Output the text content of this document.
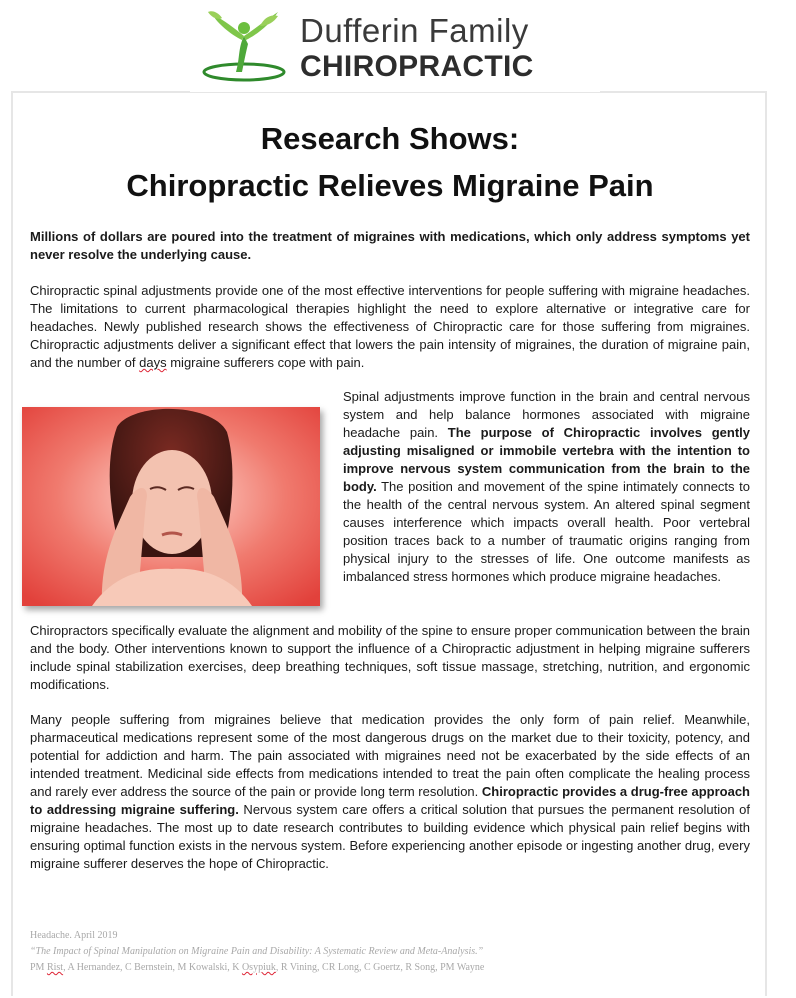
Dufferin Family
CHIROPRACTIC
Research Shows:
Chiropractic Relieves Migraine Pain

Millions of dollars are poured into the treatment of migraines with medications, which only address symptoms yet never resolve the underlying cause.

Chiropractic spinal adjustments provide one of the most effective interventions for people suffering with migraine headaches. The limitations to current pharmacological therapies highlight the need to explore alternative or integrative care for headaches. Newly published research shows the effectiveness of Chiropractic care for those suffering from migraines. Chiropractic adjustments deliver a significant effect that lowers the pain intensity of migraines, the duration of migraine pain, and the number of days migraine sufferers cope with pain.

Spinal adjustments improve function in the brain and central nervous system and help balance hormones associated with migraine headache pain. The purpose of Chiropractic involves gently adjusting misaligned or immobile vertebra with the intention to improve nervous system communication from the brain to the body. The position and movement of the spine intimately connects to the health of the central nervous system. An altered spinal segment causes interference which impacts overall health. Poor vertebral position traces back to a number of traumatic origins ranging from physical injury to the stresses of life. One outcome manifests as imbalanced stress hormones which produce migraine headaches.

Chiropractors specifically evaluate the alignment and mobility of the spine to ensure proper communication between the brain and the body. Other interventions known to support the influence of a Chiropractic adjustment in helping migraine sufferers include spinal stabilization exercises, deep breathing techniques, soft tissue massage, stretching, nutrition, and ergonomic modifications.

Many people suffering from migraines believe that medication provides the only form of pain relief. Meanwhile, pharmaceutical medications represent some of the most dangerous drugs on the market due to their toxicity, potency, and potential for addiction and harm. The pain associated with migraines need not be exacerbated by the side effects of an intended treatment. Medicinal side effects from medications intended to treat the pain often complicate the healing process and rarely ever address the source of the pain or provide long term resolution. Chiropractic provides a drug-free approach to addressing migraine suffering. Nervous system care offers a critical solution that pursues the permanent resolution of migraine headaches. The most up to date research contributes to building evidence which physical pain relief begins with ensuring optimal function exists in the nervous system. Before experiencing another episode or ingesting another drug, every migraine sufferer deserves the hope of Chiropractic.

Headache. April 2019
“The Impact of Spinal Manipulation on Migraine Pain and Disability: A Systematic Review and Meta-Analysis.”
PM Rist, A Hernandez, C Bernstein, M Kowalski, K Osypiuk, R Vining, CR Long, C Goertz, R Song, PM Wayne
